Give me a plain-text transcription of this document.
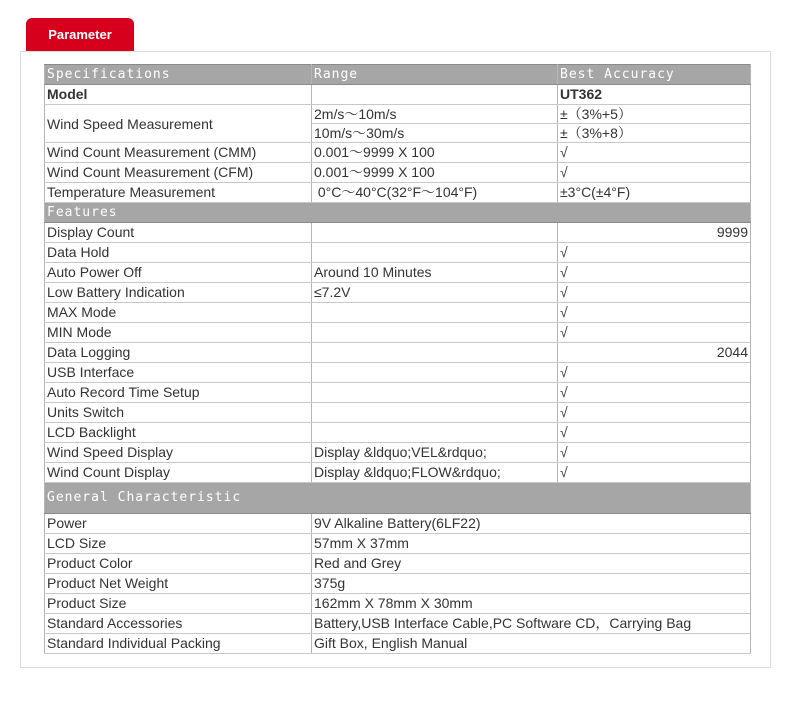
Parameter
Specifications	Range	Best Accuracy
Model		UT362
Wind Speed Measurement	2m/s～10m/s	±（3%+5）
	10m/s～30m/s	±（3%+8）
Wind Count Measurement (CMM)	0.001～9999 X 100	√
Wind Count Measurement (CFM)	0.001～9999 X 100	√
Temperature Measurement	0°C～40°C(32°F～104°F)	±3°C(±4°F)
Features		
Display Count		9999
Data Hold		√
Auto Power Off	Around 10 Minutes	√
Low Battery Indication	≤7.2V	√
MAX Mode		√
MIN Mode		√
Data Logging		2044
USB Interface		√
Auto Record Time Setup		√
Units Switch		√
LCD Backlight		√
Wind Speed Display	Display &ldquo;VEL&rdquo;	√
Wind Count Display	Display &ldquo;FLOW&rdquo;	√
General Characteristic		
Power	9V Alkaline Battery(6LF22)	
LCD Size	57mm X 37mm	
Product Color	Red and Grey	
Product Net Weight	375g	
Product Size	162mm X 78mm X 30mm	
Standard Accessories	Battery,USB Interface Cable,PC Software CD，Carrying Bag	
Standard Individual Packing	Gift Box, English Manual	
